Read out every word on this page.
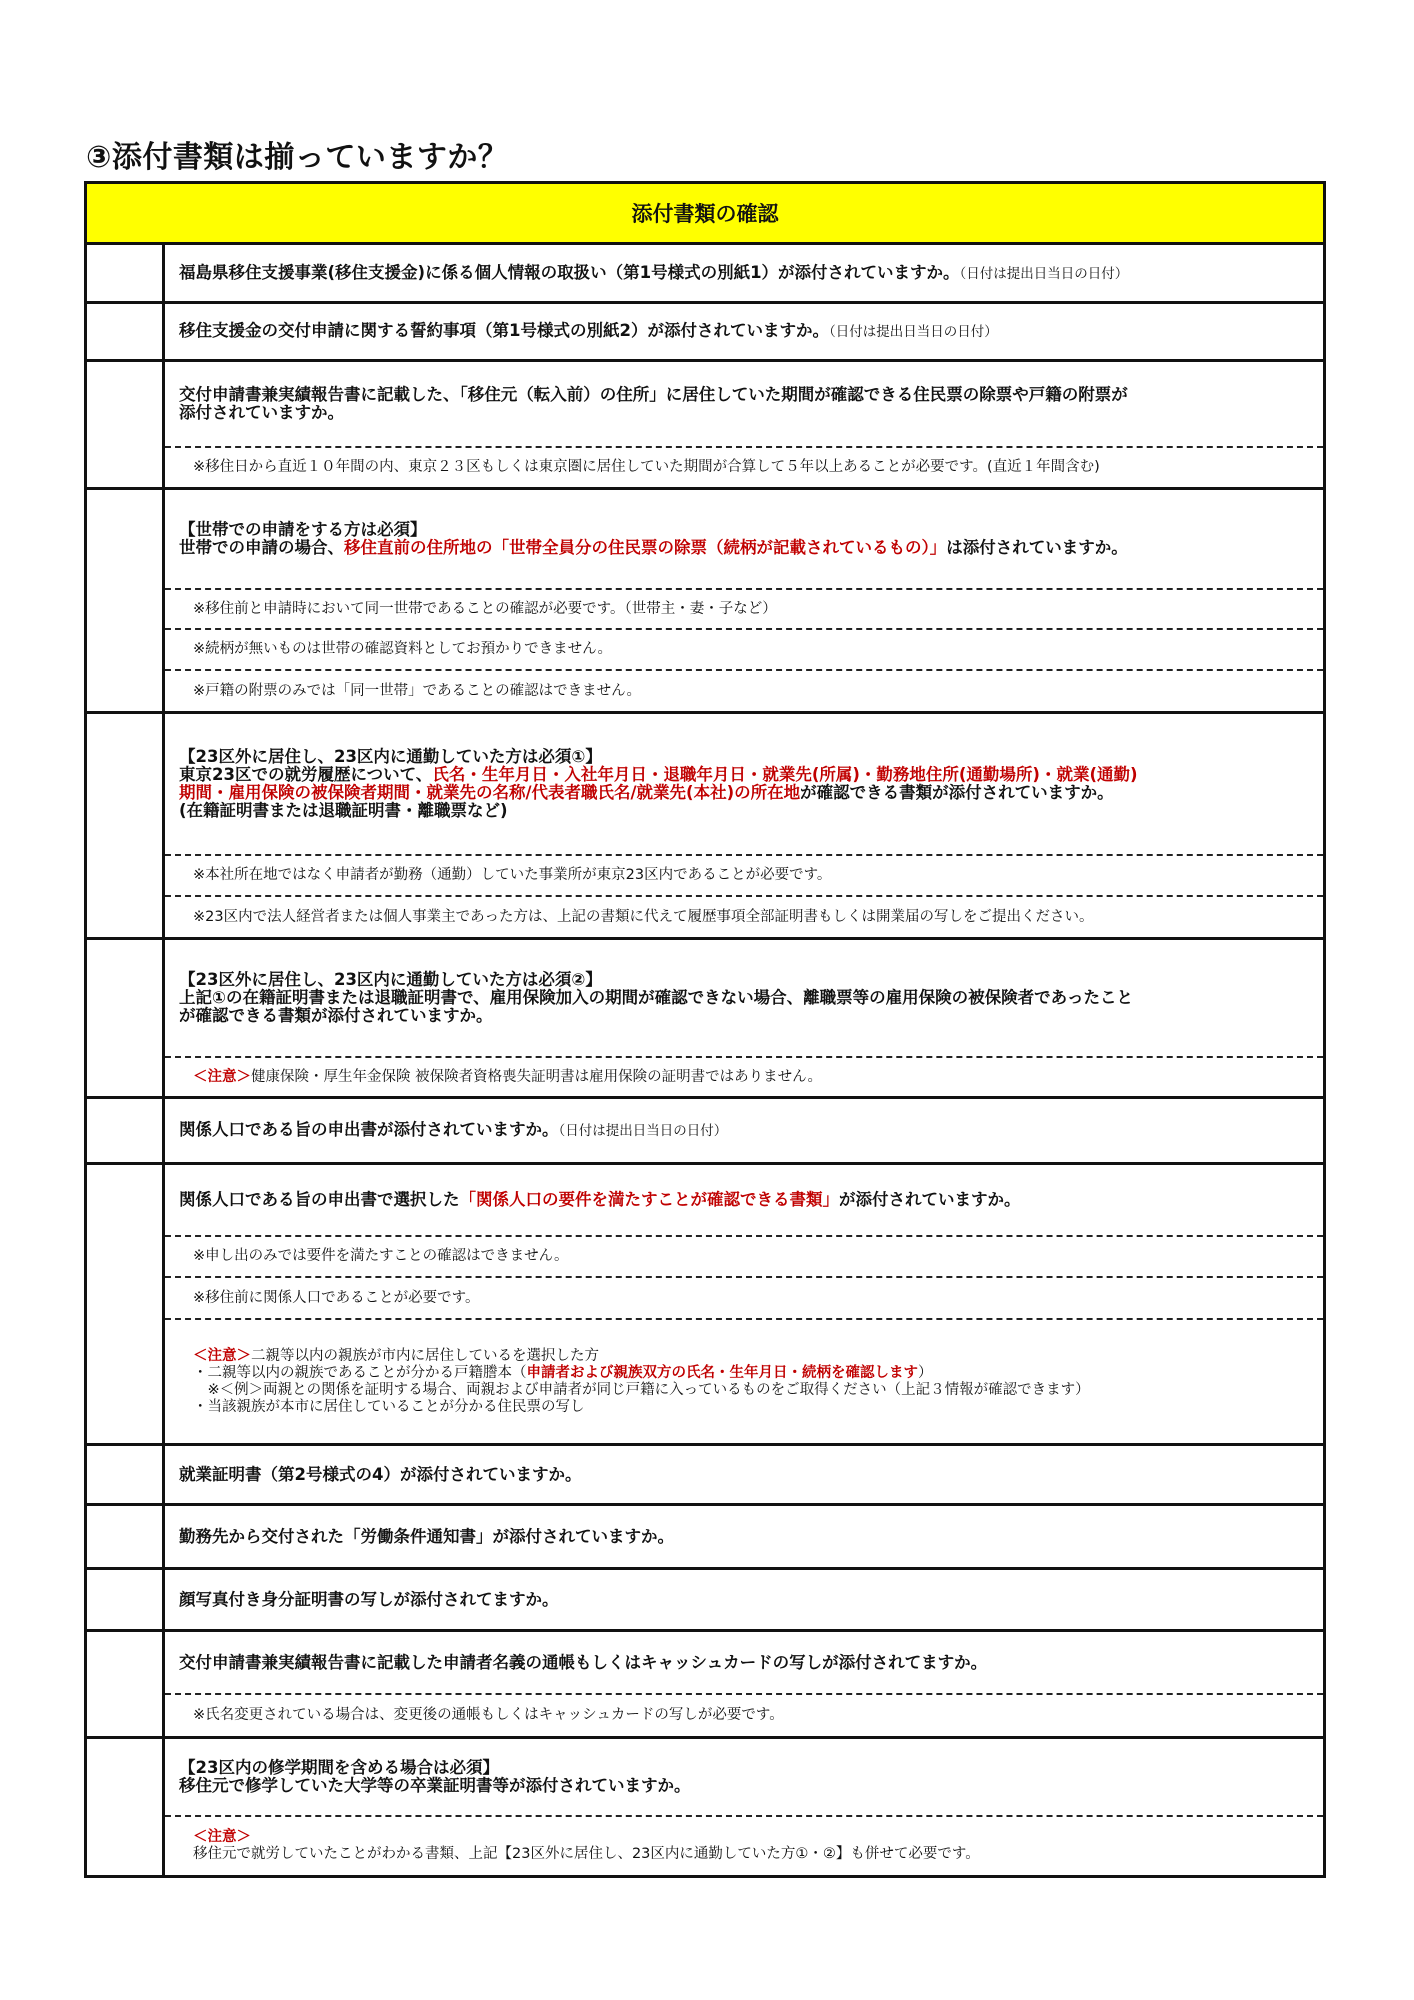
③添付書類は揃っていますか？
添付書類の確認
福島県移住支援事業(移住支援金)に係る個人情報の取扱い（第1号様式の別紙1）が添付されていますか。（日付は提出日当日の日付）
移住支援金の交付申請に関する誓約事項（第1号様式の別紙2）が添付されていますか。（日付は提出日当日の日付）
交付申請書兼実績報告書に記載した、「移住元（転入前）の住所」に居住していた期間が確認できる住民票の除票や戸籍の附票が
添付されていますか。
※移住日から直近１０年間の内、東京２３区もしくは東京圏に居住していた期間が合算して５年以上あることが必要です。(直近１年間含む)
【世帯での申請をする方は必須】
世帯での申請の場合、移住直前の住所地の「世帯全員分の住民票の除票（続柄が記載されているもの）」は添付されていますか。
※移住前と申請時において同一世帯であることの確認が必要です。（世帯主・妻・子など）
※続柄が無いものは世帯の確認資料としてお預かりできません。
※戸籍の附票のみでは「同一世帯」であることの確認はできません。
【23区外に居住し、23区内に通勤していた方は必須①】
東京23区での就労履歴について、氏名・生年月日・入社年月日・退職年月日・就業先(所属)・勤務地住所(通勤場所)・就業(通勤)
期間・雇用保険の被保険者期間・就業先の名称/代表者職氏名/就業先(本社)の所在地が確認できる書類が添付されていますか。
(在籍証明書または退職証明書・離職票など)
※本社所在地ではなく申請者が勤務（通勤）していた事業所が東京23区内であることが必要です。
※23区内で法人経営者または個人事業主であった方は、上記の書類に代えて履歴事項全部証明書もしくは開業届の写しをご提出ください。
【23区外に居住し、23区内に通勤していた方は必須②】
上記①の在籍証明書または退職証明書で、雇用保険加入の期間が確認できない場合、離職票等の雇用保険の被保険者であったこと
が確認できる書類が添付されていますか。
＜注意＞健康保険・厚生年金保険 被保険者資格喪失証明書は雇用保険の証明書ではありません。
関係人口である旨の申出書が添付されていますか。（日付は提出日当日の日付）
関係人口である旨の申出書で選択した「関係人口の要件を満たすことが確認できる書類」が添付されていますか。
※申し出のみでは要件を満たすことの確認はできません。
※移住前に関係人口であることが必要です。
＜注意＞二親等以内の親族が市内に居住しているを選択した方
・二親等以内の親族であることが分かる戸籍謄本（申請者および親族双方の氏名・生年月日・続柄を確認します）
　※＜例＞両親との関係を証明する場合、両親および申請者が同じ戸籍に入っているものをご取得ください（上記３情報が確認できます）
・当該親族が本市に居住していることが分かる住民票の写し
就業証明書（第2号様式の4）が添付されていますか。
勤務先から交付された「労働条件通知書」が添付されていますか。
顔写真付き身分証明書の写しが添付されてますか。
交付申請書兼実績報告書に記載した申請者名義の通帳もしくはキャッシュカードの写しが添付されてますか。
※氏名変更されている場合は、変更後の通帳もしくはキャッシュカードの写しが必要です。
【23区内の修学期間を含める場合は必須】
移住元で修学していた大学等の卒業証明書等が添付されていますか。
＜注意＞
移住元で就労していたことがわかる書類、上記【23区外に居住し、23区内に通勤していた方①・②】も併せて必要です。
